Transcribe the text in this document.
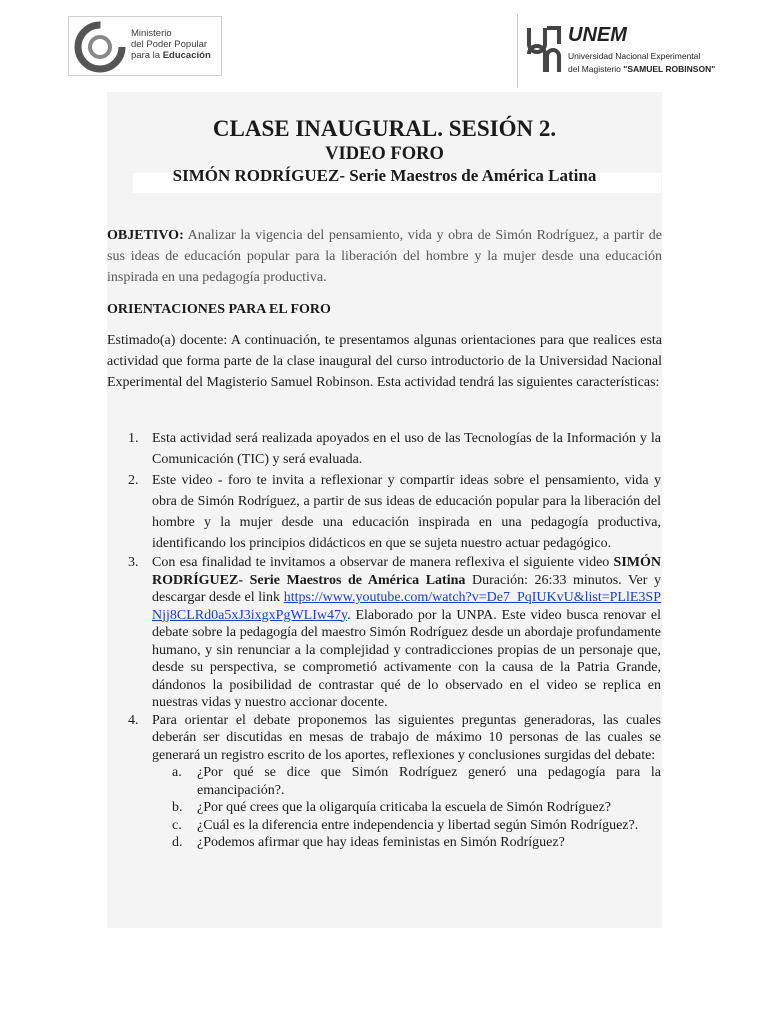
Ministerio
del Poder Popular
para la Educación
UNEM
Universidad Nacional Experimental
del Magisterio "SAMUEL ROBINSON"
CLASE INAUGURAL. SESIÓN 2.
VIDEO FORO
SIMÓN RODRÍGUEZ- Serie Maestros de América Latina
OBJETIVO: Analizar la vigencia del pensamiento, vida y obra de Simón Rodríguez, a partir de sus ideas de educación popular para la liberación del hombre y la mujer desde una educación inspirada en una pedagogía productiva.
ORIENTACIONES PARA EL FORO
Estimado(a) docente: A continuación, te presentamos algunas orientaciones para que realices esta actividad que forma parte de la clase inaugural del curso introductorio de la Universidad Nacional Experimental del Magisterio Samuel Robinson. Esta actividad tendrá las siguientes características:
1. Esta actividad será realizada apoyados en el uso de las Tecnologías de la Información y la Comunicación (TIC) y será evaluada.
2. Este video - foro te invita a reflexionar y compartir ideas sobre el pensamiento, vida y obra de Simón Rodríguez, a partir de sus ideas de educación popular para la liberación del hombre y la mujer desde una educación inspirada en una pedagogía productiva, identificando los principios didácticos en que se sujeta nuestro actuar pedagógico.
3. Con esa finalidad te invitamos a observar de manera reflexiva el siguiente video SIMÓN RODRÍGUEZ- Serie Maestros de América Latina Duración: 26:33 minutos. Ver y descargar desde el link https://www.youtube.com/watch?v=De7_PqIUKvU&list=PLlE3SPNjj8CLRd0a5xJ3ixgxPgWLIw47y. Elaborado por la UNPA. Este video busca renovar el debate sobre la pedagogía del maestro Simón Rodríguez desde un abordaje profundamente humano, y sin renunciar a la complejidad y contradicciones propias de un personaje que, desde su perspectiva, se comprometió activamente con la causa de la Patria Grande, dándonos la posibilidad de contrastar qué de lo observado en el video se replica en nuestras vidas y nuestro accionar docente.
4. Para orientar el debate proponemos las siguientes preguntas generadoras, las cuales deberán ser discutidas en mesas de trabajo de máximo 10 personas de las cuales se generará un registro escrito de los aportes, reflexiones y conclusiones surgidas del debate:
a. ¿Por qué se dice que Simón Rodríguez generó una pedagogía para la emancipación?.
b. ¿Por qué crees que la oligarquía criticaba la escuela de Simón Rodríguez?
c. ¿Cuál es la diferencia entre independencia y libertad según Simón Rodríguez?.
d. ¿Podemos afirmar que hay ideas feministas en Simón Rodríguez?
